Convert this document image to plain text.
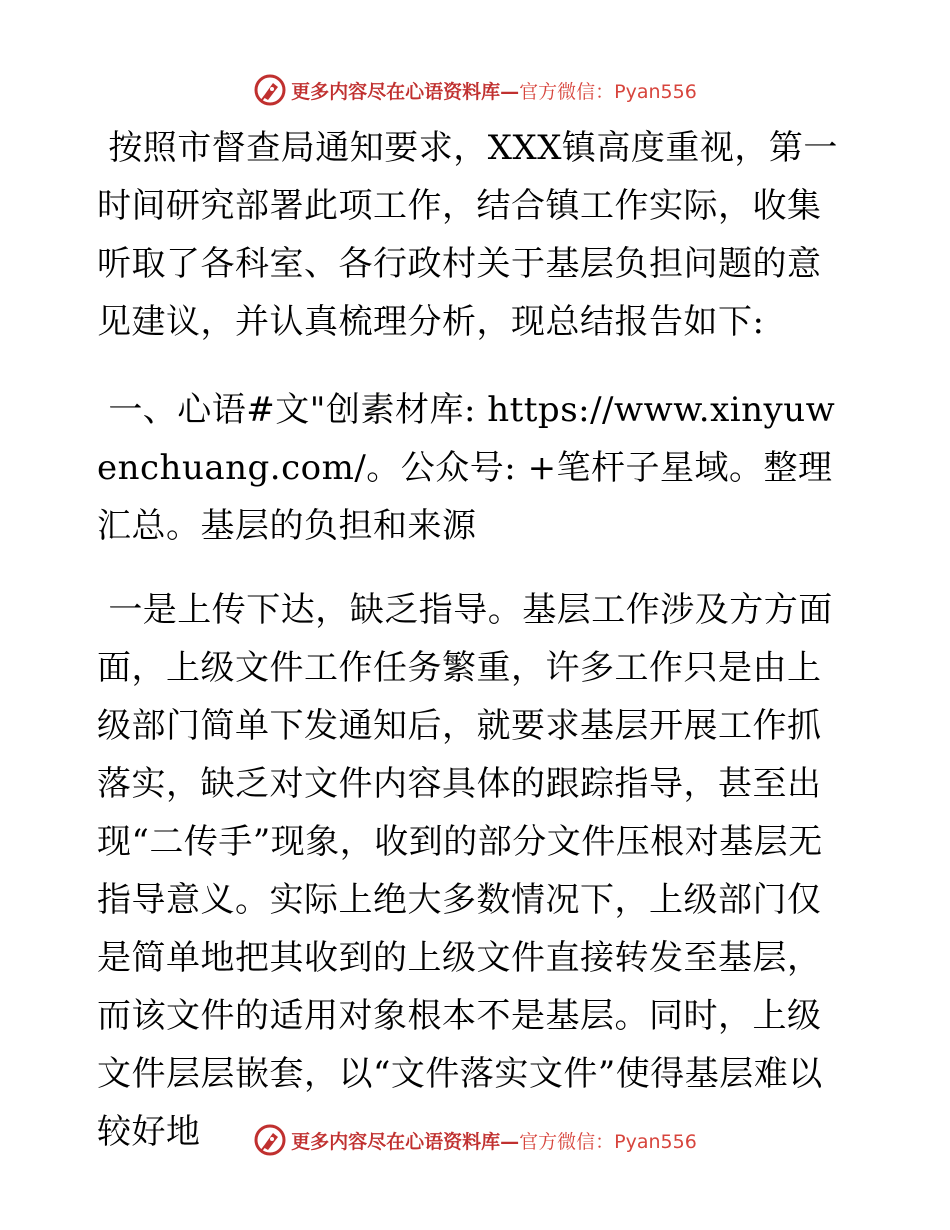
更多内容尽在心语资料库— 官方微信：Pyan556

按照市督查局通知要求，XXX镇高度重视，第一时间研究部署此项工作，结合镇工作实际，收集听取了各科室、各行政村关于基层负担问题的意见建议，并认真梳理分析，现总结报告如下:

一、心语#文"创素材库: https://www.xinyuwenchuang.com/。公众号: +笔杆子星域。整理汇总。基层的负担和来源

一是上传下达，缺乏指导。基层工作涉及方方面面，上级文件工作任务繁重，许多工作只是由上级部门简单下发通知后，就要求基层开展工作抓落实，缺乏对文件内容具体的跟踪指导，甚至出现“二传手”现象，收到的部分文件压根对基层无指导意义。实际上绝大多数情况下，上级部门仅是简单地把其收到的上级文件直接转发至基层，而该文件的适用对象根本不是基层。同时，上级文件层层嵌套，以“文件落实文件”使得基层难以较好地	更多内容尽在心语资料库— 官方微信：Pyan556
